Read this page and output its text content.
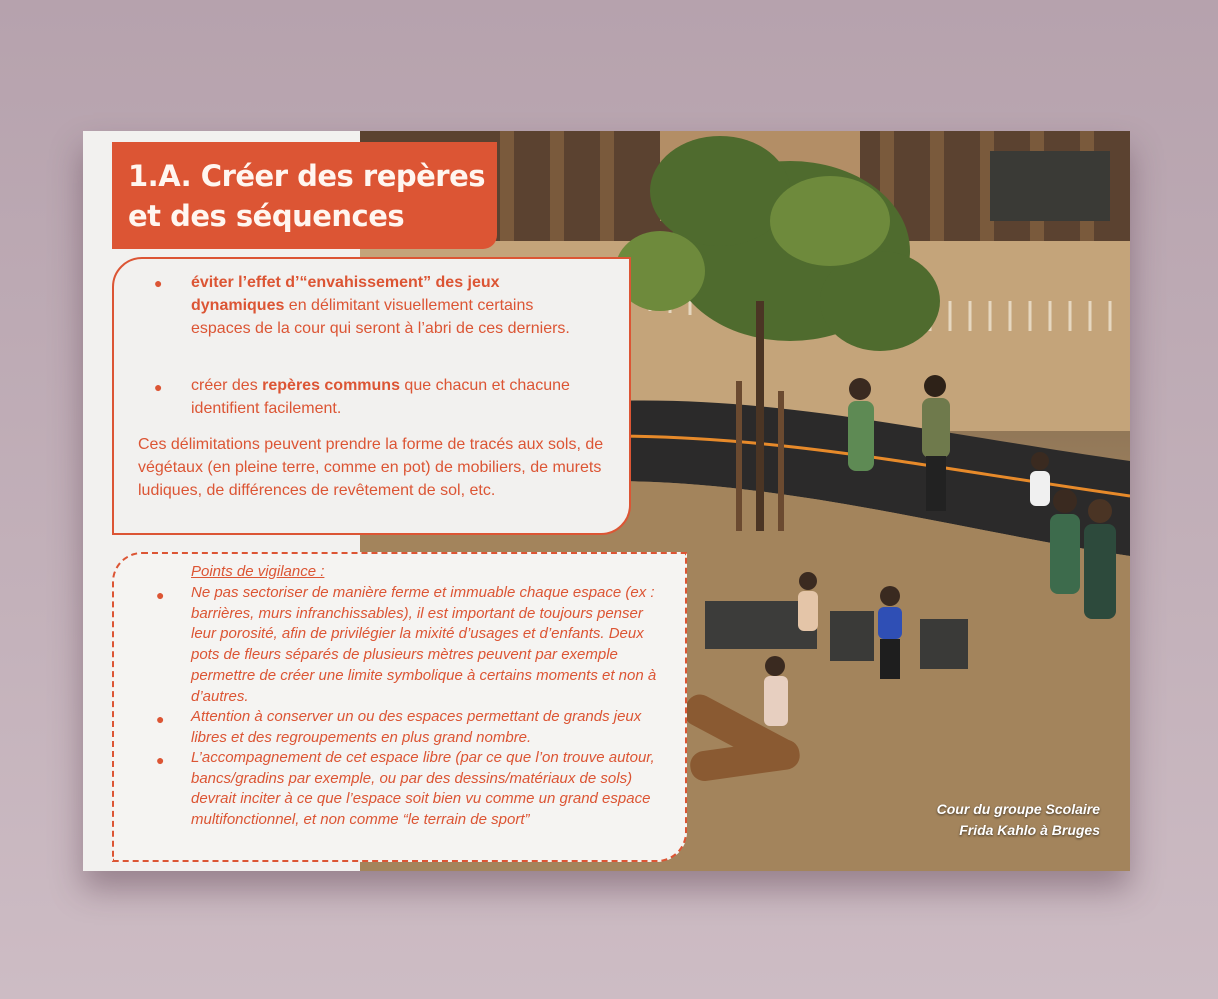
Cour du groupe Scolaire
Frida Kahlo à Bruges
1.A. Créer des repères
et des séquences
● éviter l’effet d’“envahissement” des jeux dynamiques en délimitant visuellement certains espaces de la cour qui seront à l’abri de ces derniers.
● créer des repères communs que chacun et chacune identifient facilement.
Ces délimitations peuvent prendre la forme de tracés aux sols, de végétaux (en pleine terre, comme en pot) de mobiliers, de murets ludiques, de différences de revêtement de sol, etc.
Points de vigilance :
● Ne pas sectoriser de manière ferme et immuable chaque espace (ex : barrières, murs infranchissables), il est important de toujours penser leur porosité, afin de privilégier la mixité d’usages et d’enfants. Deux pots de fleurs séparés de plusieurs mètres peuvent par exemple permettre de créer une limite symbolique à certains moments et non à d’autres.
● Attention à conserver un ou des espaces permettant de grands jeux libres et des regroupements en plus grand nombre.
● L’accompagnement de cet espace libre (par ce que l’on trouve autour, bancs/gradins par exemple, ou par des dessins/matériaux de sols) devrait inciter à ce que l’espace soit bien vu comme un grand espace multifonctionnel, et non comme “le terrain de sport”
